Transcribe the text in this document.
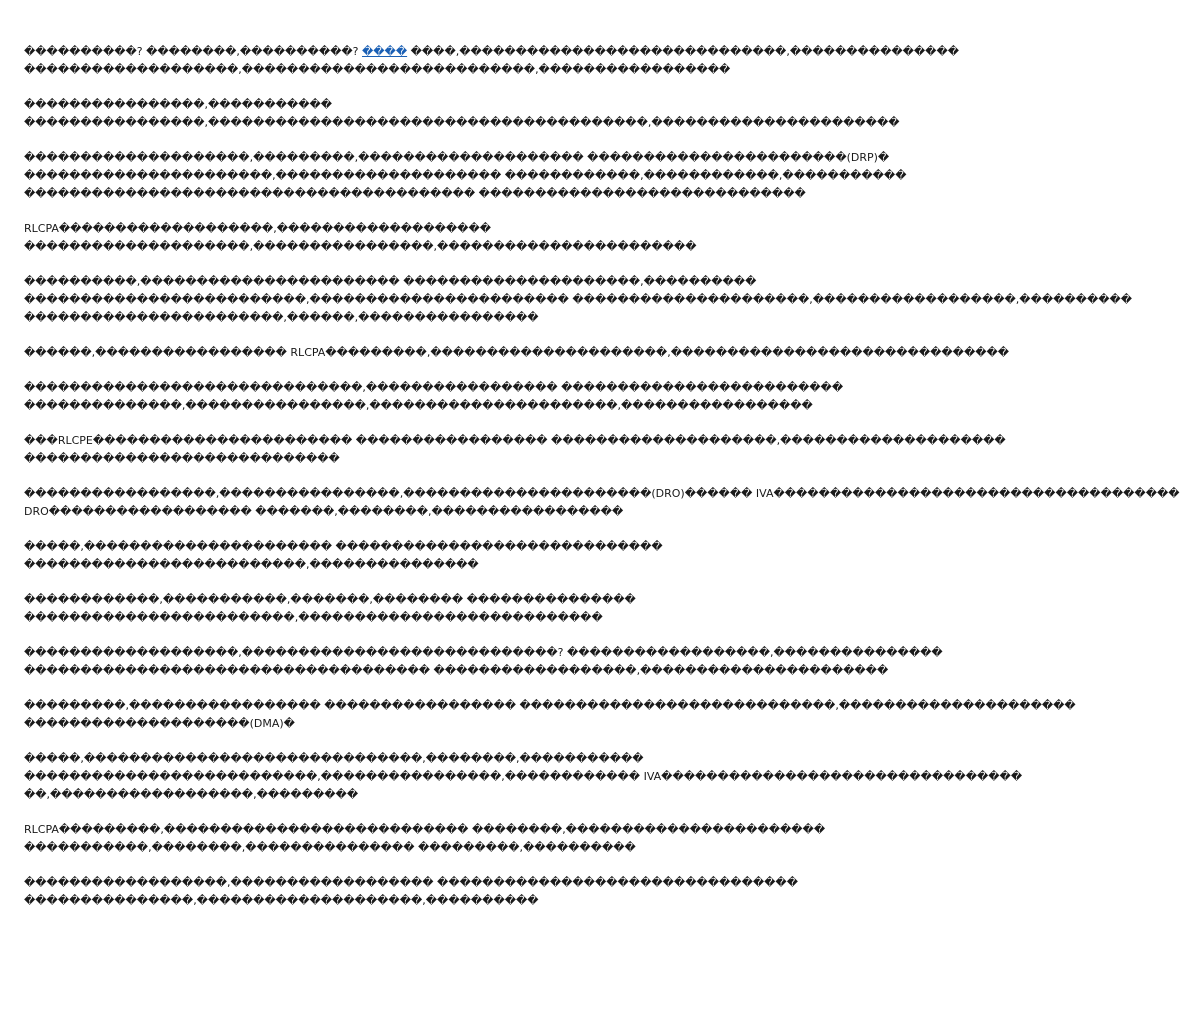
����������? ��������,����������? ���� ����,�����������������������������,���������������
�������������������,��������������������������,�����������������
����������������,�����������
����������������,���������������������������������������,����������������������
��������������������,���������,�������������������� �����������������������(DRP)�
����������������������,�������������������� ������������,������������,�����������
���������������������������������������� �����������������������������
RLCPA�������������������,�������������������
��������������������,����������������,�����������������������
����������,����������������������� ���������������������,����������
�������������������������,����������������������� ���������������������,������������������,����������
�����������������������,������,����������������
������,����������������� RLCPA���������,���������������������,������������������������������
������������������������������,����������������� �������������������������
��������������,����������������,����������������������,�����������������
���RLCPE����������������������� ����������������� ��������������������,��������������������
����������������������������
�����������������,����������������,����������������������(DRO)������ IVA������������������������������������
DRO������������������ �������,��������,�����������������
�����,���������������������� �����������������������������
�������������������������,���������������
������������,�����������,�������,�������� ���������������
������������������������,���������������������������
�������������������,����������������������������? ������������������,���������������
������������������������������������ ������������������,����������������������
���������,����������������� ����������������� ����������������������������,���������������������
��������������������(DMA)�
�����,������������������������������,��������,�����������
��������������������������,����������������,������������ IVA��������������������������������
��,������������������,���������
RLCPA���������,��������������������������� ��������,�����������������������
�����������,��������,��������������� ���������,����������
������������������,������������������ ��������������������������������
���������������,��������������������,����������
